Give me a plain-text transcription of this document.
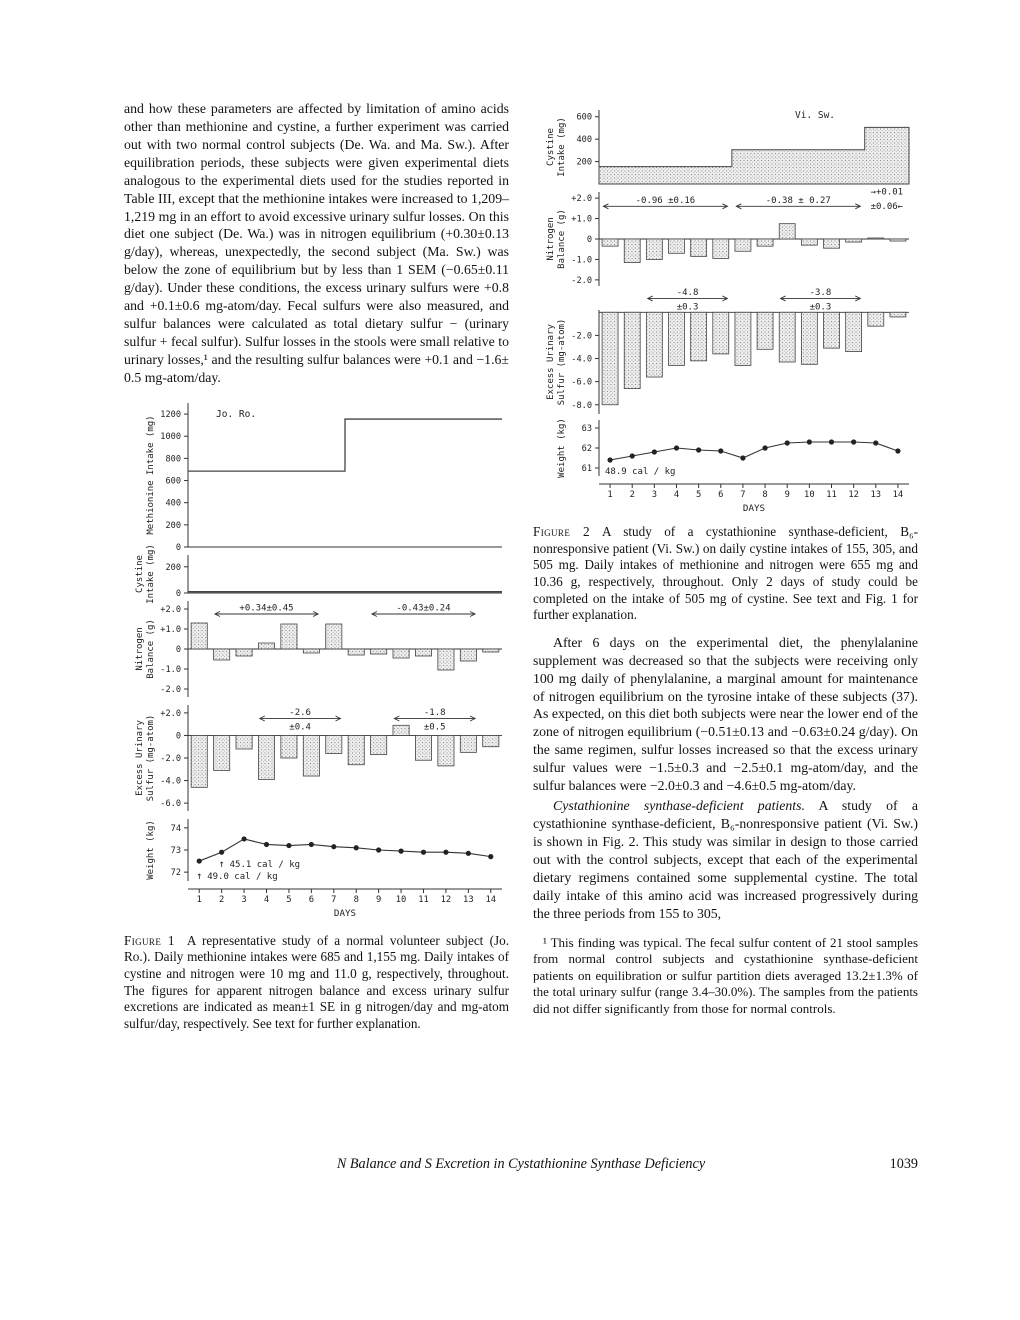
and how these parameters are affected by limitation of amino acids other than methionine and cystine, a further experiment was carried out with two normal control subjects (De. Wa. and Ma. Sw.). After equilibration periods, these subjects were given experimental diets analogous to the experimental diets used for the studies reported in Table III, except that the methionine intakes were increased to 1,209–1,219 mg in an effort to avoid excessive urinary sulfur losses. On this diet one subject (De. Wa.) was in nitrogen equilibrium (+0.30±0.13 g/day), whereas, unexpectedly, the second subject (Ma. Sw.) was below the zone of equilibrium but by less than 1 SEM (−0.65±0.11 g/day). Under these conditions, the excess urinary sulfurs were +0.8 and +0.1±0.6 mg-atom/day. Fecal sulfurs were also measured, and sulfur balances were calculated as total dietary sulfur − (urinary sulfur + fecal sulfur). Sulfur losses in the stools were small relative to urinary losses,¹ and the resulting sulfur balances were +0.1 and −1.6± 0.5 mg-atom/day.

0
200
400
600
800
1000
1200
Methionine Intake (mg)
0
200
Cystine Intake (mg)
+2.0
+1.0
0
-1.0
-2.0
Nitrogen Balance (g)
+0.34±0.45	-0.43±0.24
+2.0
0
-2.0
-4.0
-6.0
Excess Urinary Sulfur (mg-atom)
-2.6
±0.4
-1.8
±0.5
72
73
74
Weight (kg)	↑ 45.1 cal / kg
↑ 49.0 cal / kg
1 2 3 4 5 6 7 8 9 10 11 12 13 14
DAYS
Jo. Ro.

Figure 1 A representative study of a normal volunteer subject (Jo. Ro.). Daily methionine intakes were 685 and 1,155 mg. Daily intakes of cystine and nitrogen were 10 mg and 11.0 g, respectively, throughout. The figures for apparent nitrogen balance and excess urinary sulfur excretions are indicated as mean±1 SE in g nitrogen/day and mg-atom sulfur/day, respectively. See text for further explanation.

200
400
600
Cystine Intake (mg)
+2.0
+1.0
0
-1.0
-2.0
Nitrogen Balance (g)
-0.96 ±0.16	-0.38 ± 0.27
→+0.01
±0.06←
-2.0
-4.0
-6.0
-8.0
Excess Urinary Sulfur (mg-atom)
-4.8
±0.3
-3.8
±0.3
61
62
63
Weight (kg)	48.9 cal / kg
1 2 3 4 5 6 7 8 9 10 11 12 13 14
DAYS
Vi. Sw.

Figure 2 A study of a cystathionine synthase-deficient, B₆-nonresponsive patient (Vi. Sw.) on daily cystine intakes of 155, 305, and 505 mg. Daily intakes of methionine and nitrogen were 655 mg and 10.36 g, respectively, throughout. Only 2 days of study could be completed on the intake of 505 mg of cystine. See text and Fig. 1 for further explanation.

After 6 days on the experimental diet, the phenylalanine supplement was decreased so that the subjects were receiving only 100 mg daily of phenylalanine, a marginal amount for maintenance of nitrogen equilibrium on the tyrosine intake of these subjects (37). As expected, on this diet both subjects were near the lower end of the zone of nitrogen equilibrium (−0.51±0.13 and −0.63±0.24 g/day). On the same regimen, sulfur losses increased so that the excess urinary sulfur values were −1.5±0.3 and −2.5±0.1 mg-atom/day, and the sulfur balances were −2.0±0.3 and −4.6±0.5 mg-atom/day.

Cystathionine synthase-deficient patients. A study of a cystathionine synthase-deficient, B₆-nonresponsive patient (Vi. Sw.) is shown in Fig. 2. This study was similar in design to those carried out with the control subjects, except that each of the experimental dietary regimens contained some supplemental cystine. The total daily intake of this amino acid was increased progressively during the three periods from 155 to 305,

¹ This finding was typical. The fecal sulfur content of 21 stool samples from normal control subjects and cystathionine synthase-deficient patients on equilibration or sulfur partition diets averaged 13.2±1.3% of the total urinary sulfur (range 3.4–30.0%). The samples from the patients did not differ significantly from those for normal controls.

N Balance and S Excretion in Cystathionine Synthase Deficiency	1039
